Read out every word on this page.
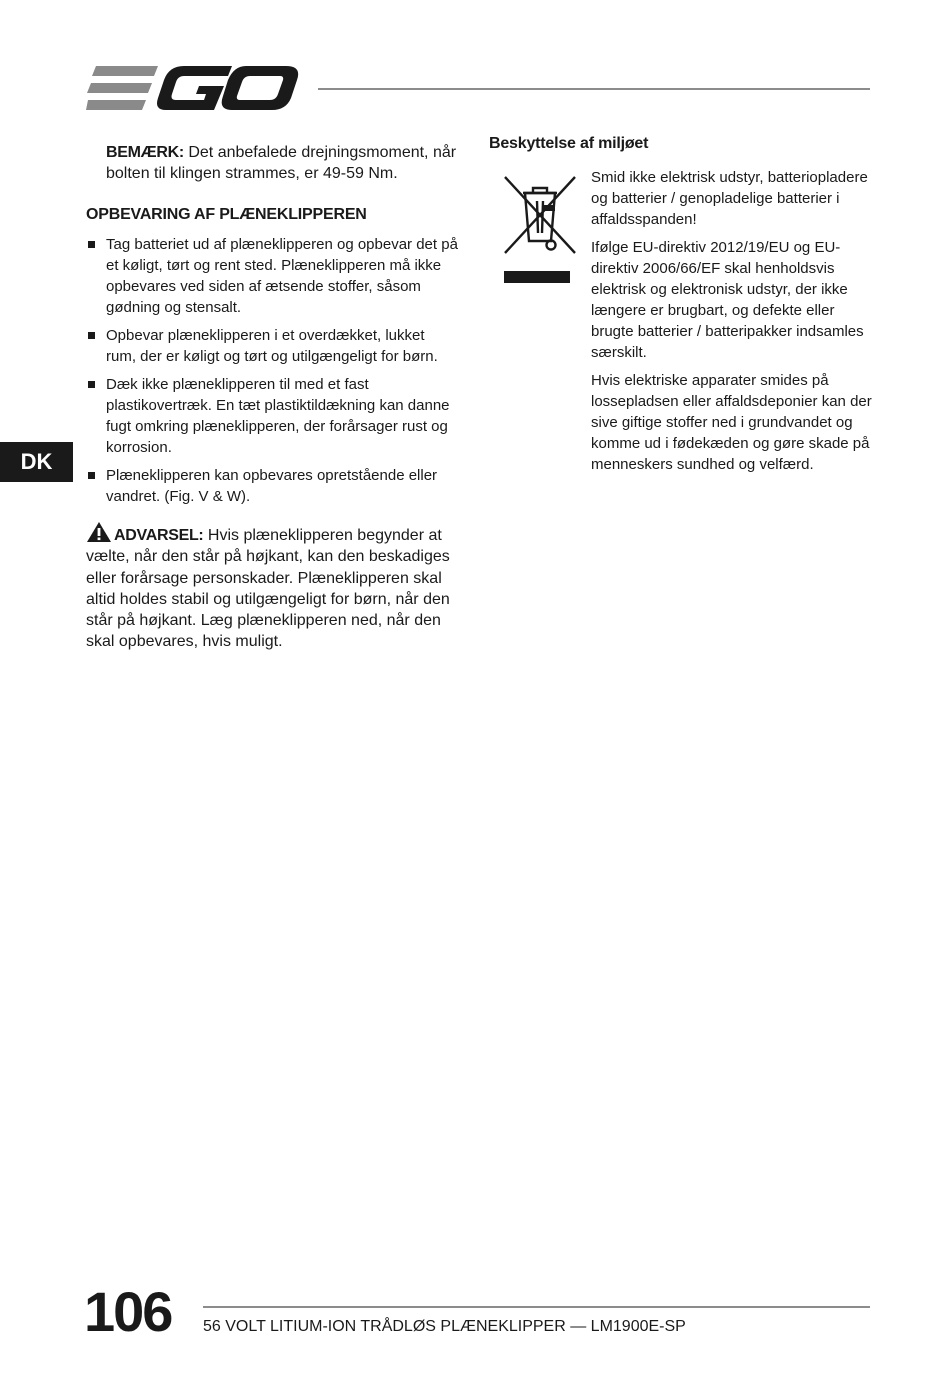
BEMÆRK: Det anbefalede drejningsmoment, når bolten til klingen strammes, er 49-59 Nm.

OPBEVARING AF PLÆNEKLIPPEREN
Tag batteriet ud af plæneklipperen og opbevar det på et køligt, tørt og rent sted. Plæneklipperen må ikke opbevares ved siden af ætsende stoffer, såsom gødning og stensalt.
Opbevar plæneklipperen i et overdækket, lukket rum, der er køligt og tørt og utilgængeligt for børn.
Dæk ikke plæneklipperen til med et fast plastikovertræk. En tæt plastiktildækning kan danne fugt omkring plæneklipperen, der forårsager rust og korrosion.
Plæneklipperen kan opbevares opretstående eller vandret. (Fig. V & W).

ADVARSEL: Hvis plæneklipperen begynder at vælte, når den står på højkant, kan den beskadiges eller forårsage personskader. Plæneklipperen skal altid holdes stabil og utilgængeligt for børn, når den står på højkant. Læg plæneklipperen ned, når den skal opbevares, hvis muligt.

Beskyttelse af miljøet

Smid ikke elektrisk udstyr, batteriopladere og batterier / genopladelige batterier i affaldsspanden!

Ifølge EU-direktiv 2012/19/EU og EU-direktiv 2006/66/EF skal henholdsvis elektrisk og elektronisk udstyr, der ikke længere er brugbart, og defekte eller brugte batterier / batteripakker indsamles særskilt.

Hvis elektriske apparater smides på lossepladsen eller affaldsdeponier kan der sive giftige stoffer ned i grundvandet og komme ud i fødekæden og gøre skade på menneskers sundhed og velfærd.

DK
106 56 VOLT LITIUM-ION TRÅDLØS PLÆNEKLIPPER — LM1900E-SP
